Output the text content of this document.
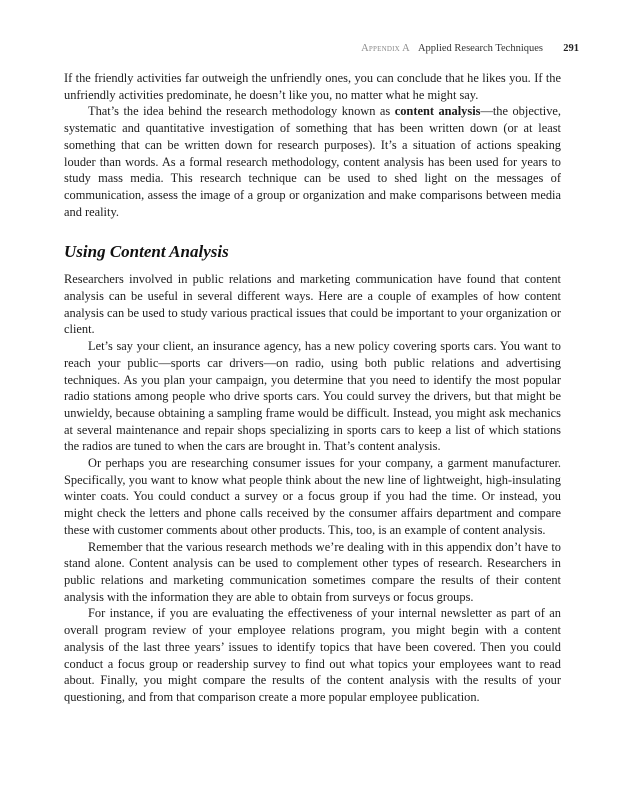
Appendix A Applied Research Techniques 291

If the friendly activities far outweigh the unfriendly ones, you can conclude that he likes you. If the unfriendly activities predominate, he doesn’t like you, no matter what he might say.

That’s the idea behind the research methodology known as content analysis—the objective, systematic and quantitative investigation of something that has been written down (or at least something that can be written down for research purposes). It’s a situation of actions speaking louder than words. As a formal research methodology, content analysis has been used for years to study mass media. This research technique can be used to shed light on the messages of communication, assess the image of a group or organization and make comparisons between media and reality.

Using Content Analysis

Researchers involved in public relations and marketing communication have found that content analysis can be useful in several different ways. Here are a couple of examples of how content analysis can be used to study various practical issues that could be important to your organization or client.

Let’s say your client, an insurance agency, has a new policy covering sports cars. You want to reach your public—sports car drivers—on radio, using both public relations and advertising techniques. As you plan your campaign, you determine that you need to identify the most popular radio stations among people who drive sports cars. You could survey the drivers, but that might be unwieldy, because obtaining a sampling frame would be difficult. Instead, you might ask mechanics at several maintenance and repair shops specializing in sports cars to keep a list of which stations the radios are tuned to when the cars are brought in. That’s content analysis.

Or perhaps you are researching consumer issues for your company, a garment manufacturer. Specifically, you want to know what people think about the new line of lightweight, high-insulating winter coats. You could conduct a survey or a focus group if you had the time. Or instead, you might check the letters and phone calls received by the consumer affairs department and compare these with customer comments about other products. This, too, is an example of content analysis.

Remember that the various research methods we’re dealing with in this appendix don’t have to stand alone. Content analysis can be used to complement other types of research. Researchers in public relations and marketing communication sometimes compare the results of their content analysis with the information they are able to obtain from surveys or focus groups.

For instance, if you are evaluating the effectiveness of your internal newsletter as part of an overall program review of your employee relations program, you might begin with a content analysis of the last three years’ issues to identify topics that have been covered. Then you could conduct a focus group or readership survey to find out what topics your employees want to read about. Finally, you might compare the results of the content analysis with the results of your questioning, and from that comparison create a more popular employee publication.
